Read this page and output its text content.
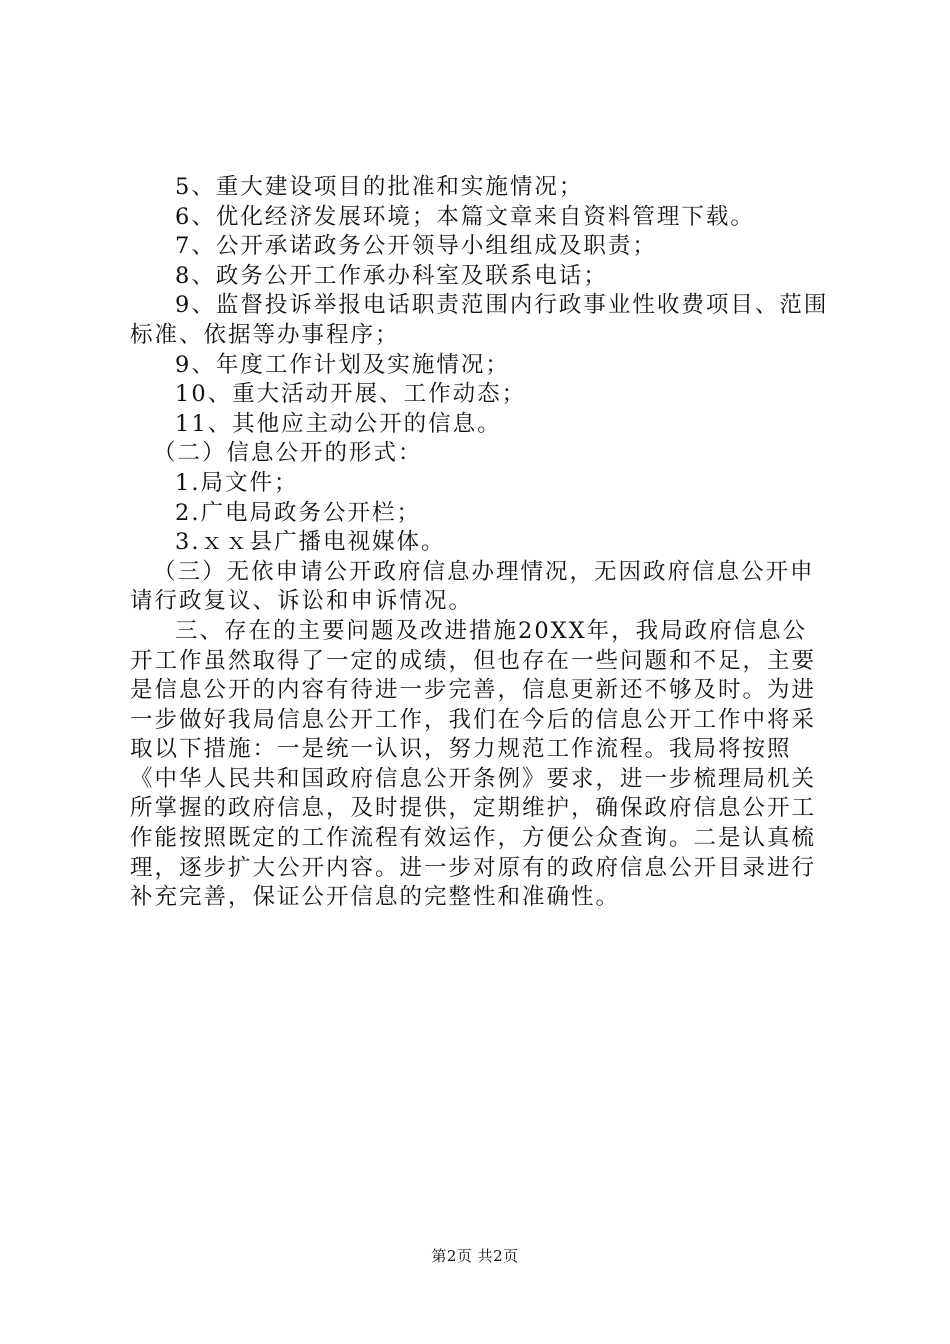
5、重大建设项目的批准和实施情况；

6、优化经济发展环境；本篇文章来自资料管理下载。

7、公开承诺政务公开领导小组组成及职责；

8、政务公开工作承办科室及联系电话；

9、监督投诉举报电话职责范围内行政事业性收费项目、范围标准、依据等办事程序；

9、年度工作计划及实施情况；

10、重大活动开展、工作动态；

11、其他应主动公开的信息。

（二）信息公开的形式：

1.局文件；

2.广电局政务公开栏；

3.ｘｘ县广播电视媒体。

（三）无依申请公开政府信息办理情况，无因政府信息公开申请行政复议、诉讼和申诉情况。

三、存在的主要问题及改进措施20XX年，我局政府信息公开工作虽然取得了一定的成绩，但也存在一些问题和不足，主要是信息公开的内容有待进一步完善，信息更新还不够及时。为进一步做好我局信息公开工作，我们在今后的信息公开工作中将采取以下措施：一是统一认识，努力规范工作流程。我局将按照《中华人民共和国政府信息公开条例》要求，进一步梳理局机关所掌握的政府信息，及时提供，定期维护，确保政府信息公开工作能按照既定的工作流程有效运作，方便公众查询。二是认真梳理，逐步扩大公开内容。进一步对原有的政府信息公开目录进行补充完善，保证公开信息的完整性和准确性。

第2页 共2页
